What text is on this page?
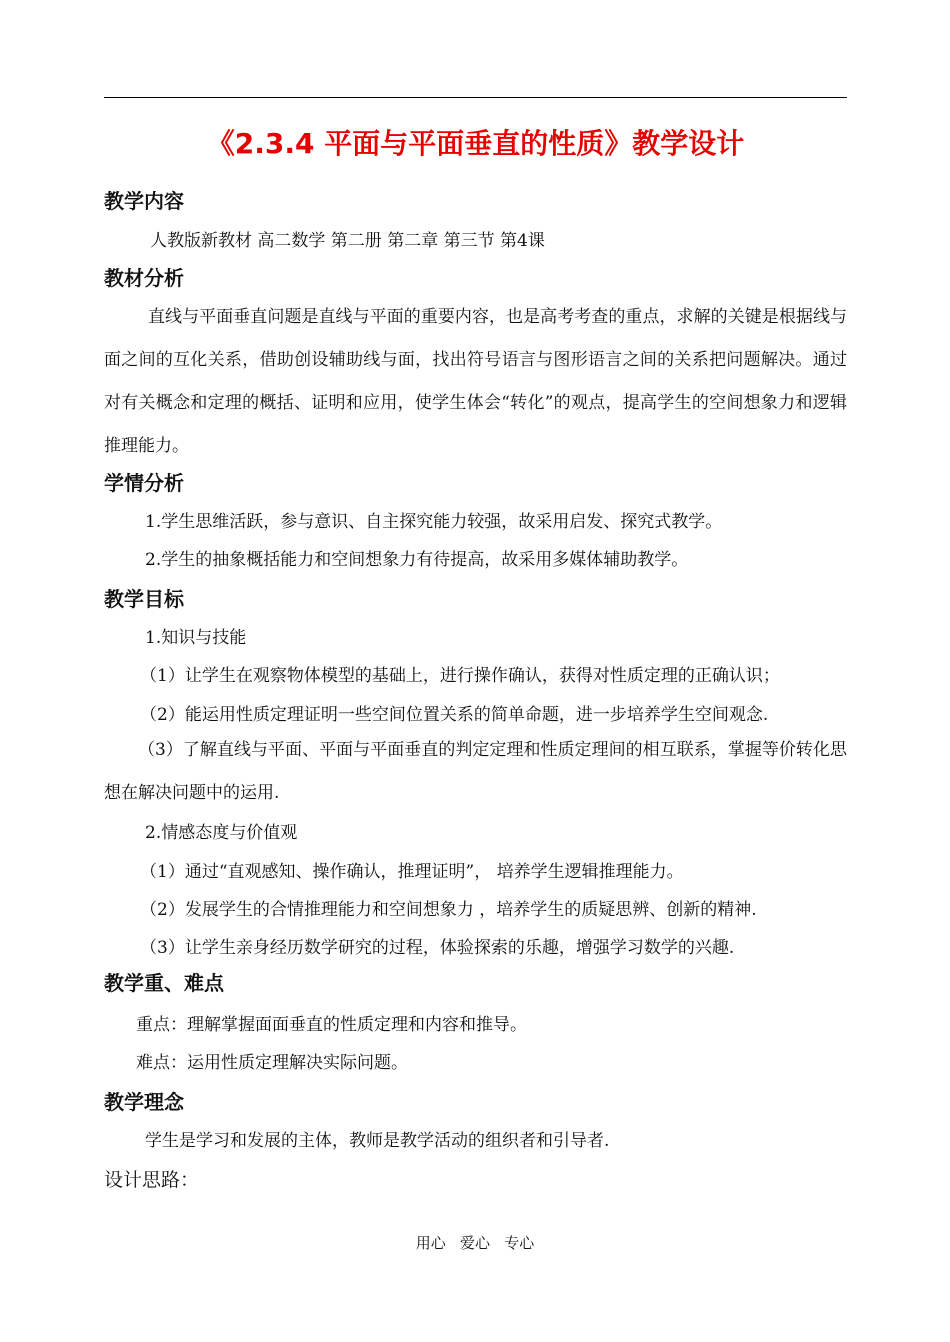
《2.3.4 平面与平面垂直的性质》教学设计
教学内容
人教版新教材 高二数学 第二册 第二章 第三节 第4课
教材分析
直线与平面垂直问题是直线与平面的重要内容，也是高考考查的重点，求解的关键是根据线与面之间的互化关系，借助创设辅助线与面，找出符号语言与图形语言之间的关系把问题解决。通过对有关概念和定理的概括、证明和应用，使学生体会“转化”的观点，提高学生的空间想象力和逻辑推理能力。
学情分析
1.学生思维活跃，参与意识、自主探究能力较强，故采用启发、探究式教学。
2.学生的抽象概括能力和空间想象力有待提高，故采用多媒体辅助教学。
教学目标
1.知识与技能
（1）让学生在观察物体模型的基础上，进行操作确认，获得对性质定理的正确认识；
（2）能运用性质定理证明一些空间位置关系的简单命题，进一步培养学生空间观念.
（3）了解直线与平面、平面与平面垂直的判定定理和性质定理间的相互联系，掌握等价转化思想在解决问题中的运用.
2.情感态度与价值观
（1）通过“直观感知、操作确认，推理证明”， 培养学生逻辑推理能力。
（2）发展学生的合情推理能力和空间想象力 ，培养学生的质疑思辨、创新的精神.
（3）让学生亲身经历数学研究的过程，体验探索的乐趣，增强学习数学的兴趣.
教学重、难点
重点：理解掌握面面垂直的性质定理和内容和推导。
难点：运用性质定理解决实际问题。
教学理念
学生是学习和发展的主体，教师是教学活动的组织者和引导者.
设计思路：
用心   爱心   专心
